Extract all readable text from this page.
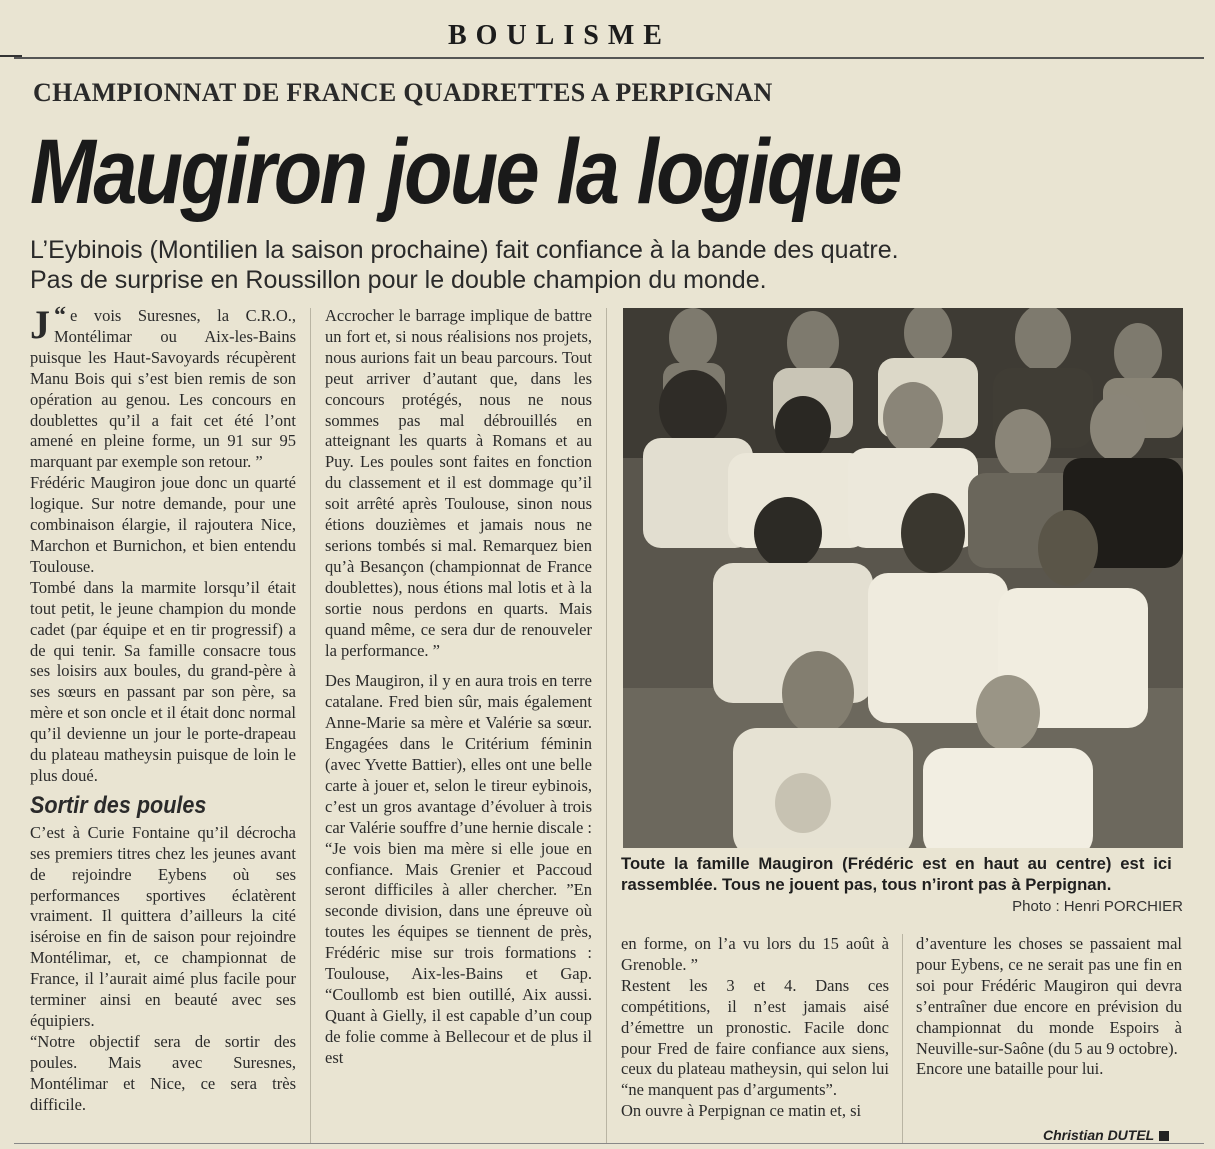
BOULISME
CHAMPIONNAT DE FRANCE QUADRETTES A PERPIGNAN
Maugiron joue la logique

L’Eybinois (Montilien la saison prochaine) fait confiance à la bande des quatre.

Pas de surprise en Roussillon pour le double champion du monde.

“
J e vois Suresnes, la C.R.O., Montélimar ou Aix-les-Bains puisque les Haut-Savoyards récupèrent Manu Bois qui s’est bien remis de son opération au genou. Les concours en doublettes qu’il a fait cet été l’ont amené en pleine forme, un 91 sur 95 marquant par exemple son retour. ”

Frédéric Maugiron joue donc un quarté logique. Sur notre demande, pour une combinaison élargie, il rajoutera Nice, Marchon et Burnichon, et bien entendu Toulouse.

Tombé dans la marmite lorsqu’il était tout petit, le jeune champion du monde cadet (par équipe et en tir progressif) a de qui tenir. Sa famille consacre tous ses loisirs aux boules, du grand-père à ses sœurs en passant par son père, sa mère et son oncle et il était donc normal qu’il devienne un jour le porte-drapeau du plateau matheysin puisque de loin le plus doué.

Sortir des poules

C’est à Curie Fontaine qu’il décrocha ses premiers titres chez les jeunes avant de rejoindre Eybens où ses performances sportives éclatèrent vraiment. Il quittera d’ailleurs la cité iséroise en fin de saison pour rejoindre Montélimar, et, ce championnat de France, il l’aurait aimé plus facile pour terminer ainsi en beauté avec ses équipiers.

“Notre objectif sera de sortir des poules. Mais avec Suresnes, Montélimar et Nice, ce sera très difficile.

Accrocher le barrage implique de battre un fort et, si nous réalisions nos projets, nous aurions fait un beau parcours. Tout peut arriver d’autant que, dans les concours protégés, nous ne nous sommes pas mal débrouillés en atteignant les quarts à Romans et au Puy. Les poules sont faites en fonction du classement et il est dommage qu’il soit arrêté après Toulouse, sinon nous étions douzièmes et jamais nous ne serions tombés si mal. Remarquez bien qu’à Besançon (championnat de France doublettes), nous étions mal lotis et à la sortie nous perdons en quarts. Mais quand même, ce sera dur de renouveler la performance. ”

Des Maugiron, il y en aura trois en terre catalane. Fred bien sûr, mais également Anne-Marie sa mère et Valérie sa sœur. Engagées dans le Critérium féminin (avec Yvette Battier), elles ont une belle carte à jouer et, selon le tireur eybinois, c’est un gros avantage d’évoluer à trois car Valérie souffre d’une hernie discale : “Je vois bien ma mère si elle joue en confiance. Mais Grenier et Paccoud seront difficiles à aller chercher. ”En seconde division, dans une épreuve où toutes les équipes se tiennent de près, Frédéric mise sur trois formations : Toulouse, Aix-les-Bains et Gap. “Coullomb est bien outillé, Aix aussi. Quant à Gielly, il est capable d’un coup de folie comme à Bellecour et de plus il est

Toute la famille Maugiron (Frédéric est en haut au centre) est ici rassemblée. Tous ne jouent pas, tous n’iront pas à Perpignan.
Photo : Henri PORCHIER

en forme, on l’a vu lors du 15 août à Grenoble. ”

Restent les 3 et 4. Dans ces compétitions, il n’est jamais aisé d’émettre un pronostic. Facile donc pour Fred de faire confiance aux siens, ceux du plateau matheysin, qui selon lui “ne manquent pas d’arguments”.

On ouvre à Perpignan ce matin et, si

d’aventure les choses se passaient mal pour Eybens, ce ne serait pas une fin en soi pour Frédéric Maugiron qui devra s’entraîner due encore en prévision du championnat du monde Espoirs à Neuville-sur-Saône (du 5 au 9 octobre).

Encore une bataille pour lui.

Christian DUTEL
